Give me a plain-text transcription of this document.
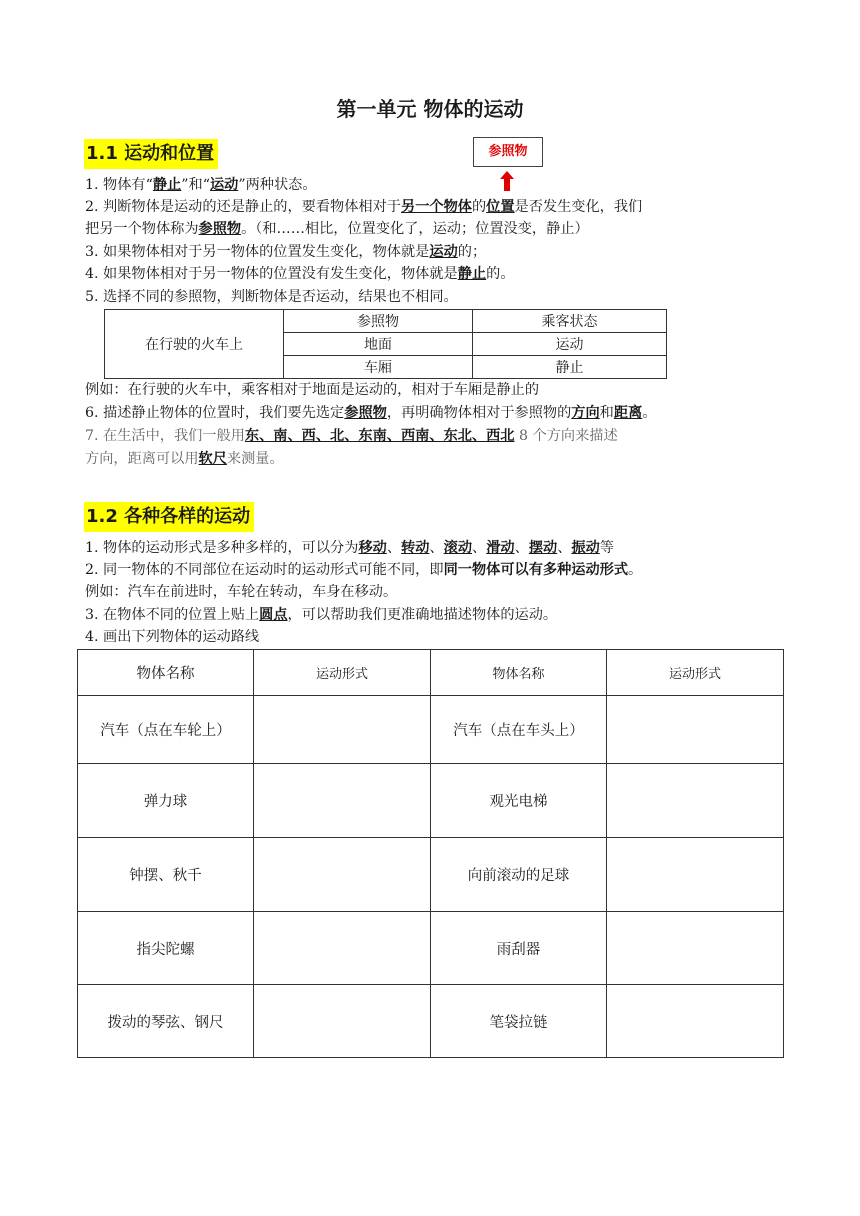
第一单元 物体的运动
1.1 运动和位置	参照物
1. 物体有“静止”和“运动”两种状态。
2. 判断物体是运动的还是静止的，要看物体相对于另一个物体的位置是否发生变化，我们
把另一个物体称为参照物。（和……相比，位置变化了，运动；位置没变，静止）
3. 如果物体相对于另一物体的位置发生变化，物体就是运动的；
4. 如果物体相对于另一物体的位置没有发生变化，物体就是静止的。
5. 选择不同的参照物，判断物体是否运动，结果也不相同。
在行驶的火车上	参照物	乘客状态
	地面	运动
	车厢	静止
例如：在行驶的火车中，乘客相对于地面是运动的，相对于车厢是静止的
6. 描述静止物体的位置时，我们要先选定参照物，再明确物体相对于参照物的方向和距离。
7. 在生活中，我们一般用东、南、西、北、东南、西南、东北、西北 8 个方向来描述
方向，距离可以用软尺来测量。
1.2 各种各样的运动
1. 物体的运动形式是多种多样的，可以分为移动、转动、滚动、滑动、摆动、振动等
2. 同一物体的不同部位在运动时的运动形式可能不同，即同一物体可以有多种运动形式。
例如：汽车在前进时，车轮在转动，车身在移动。
3. 在物体不同的位置上贴上圆点，可以帮助我们更准确地描述物体的运动。
4. 画出下列物体的运动路线
物体名称	运动形式	物体名称	运动形式
汽车（点在车轮上）		汽车（点在车头上）	
弹力球		观光电梯	
钟摆、秋千		向前滚动的足球	
指尖陀螺		雨刮器	
拨动的琴弦、钢尺		笔袋拉链	
